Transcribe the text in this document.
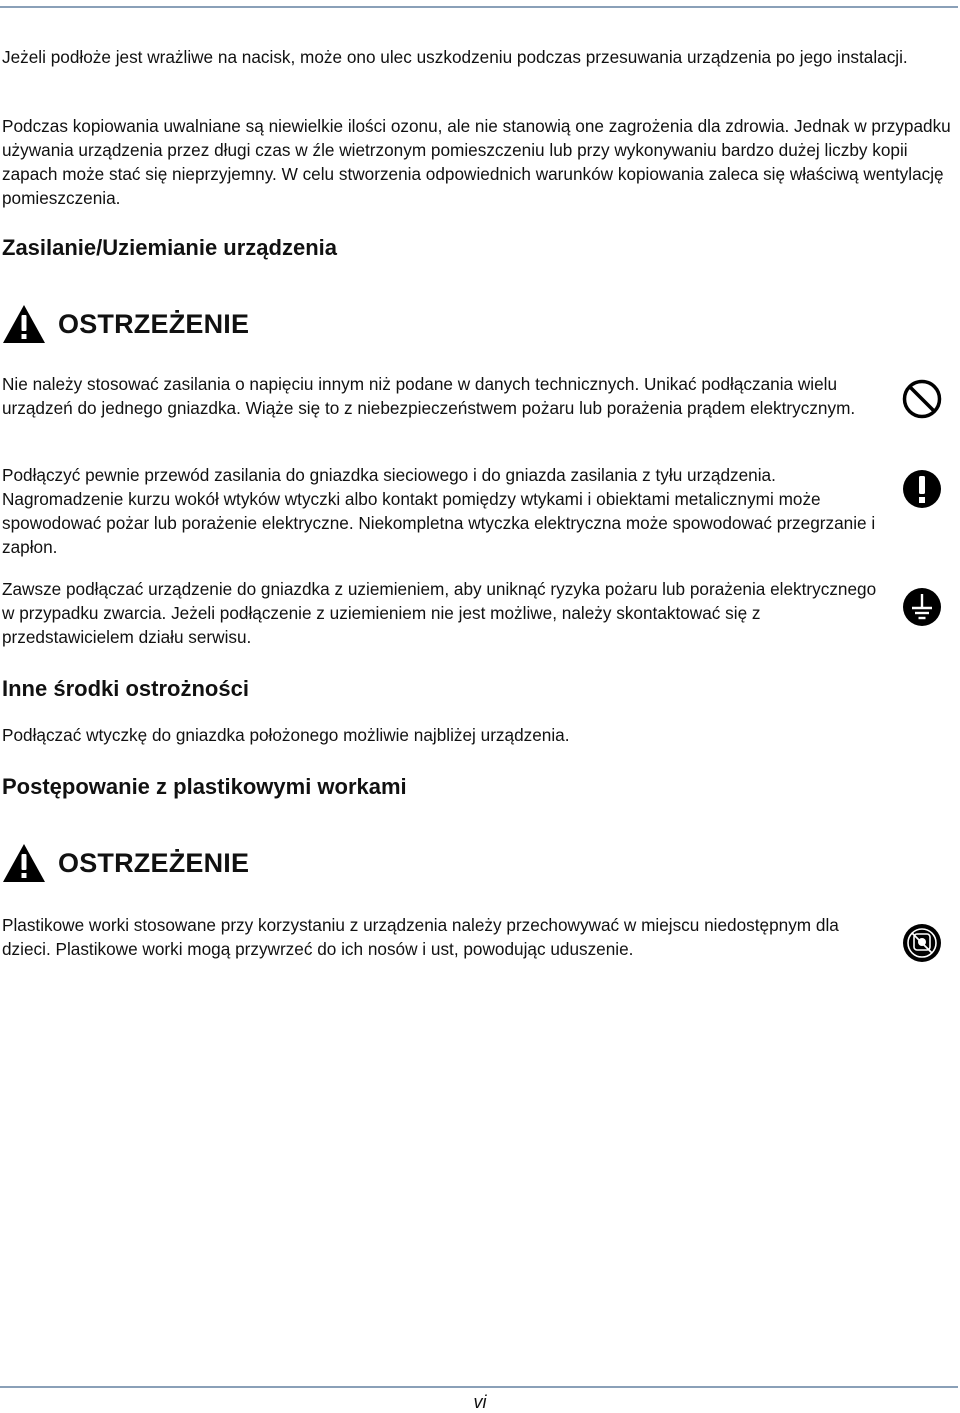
Jeżeli podłoże jest wrażliwe na nacisk, może ono ulec uszkodzeniu podczas przesuwania urządzenia po jego instalacji.

Podczas kopiowania uwalniane są niewielkie ilości ozonu, ale nie stanowią one zagrożenia dla zdrowia. Jednak w przypadku używania urządzenia przez długi czas w źle wietrzonym pomieszczeniu lub przy wykonywaniu bardzo dużej liczby kopii zapach może stać się nieprzyjemny. W celu stworzenia odpowiednich warunków kopiowania zaleca się właściwą wentylację pomieszczenia.

Zasilanie/Uziemianie urządzenia
OSTRZEŻENIE

Nie należy stosować zasilania o napięciu innym niż podane w danych technicznych. Unikać podłączania wielu urządzeń do jednego gniazdka. Wiąże się to z niebezpieczeństwem pożaru lub porażenia prądem elektrycznym.

Podłączyć pewnie przewód zasilania do gniazdka sieciowego i do gniazda zasilania z tyłu urządzenia. Nagromadzenie kurzu wokół wtyków wtyczki albo kontakt pomiędzy wtykami i obiektami metalicznymi może spowodować pożar lub porażenie elektryczne. Niekompletna wtyczka elektryczna może spowodować przegrzanie i zapłon.

Zawsze podłączać urządzenie do gniazdka z uziemieniem, aby uniknąć ryzyka pożaru lub porażenia elektrycznego w przypadku zwarcia. Jeżeli podłączenie z uziemieniem nie jest możliwe, należy skontaktować się z przedstawicielem działu serwisu.

Inne środki ostrożności

Podłączać wtyczkę do gniazdka położonego możliwie najbliżej urządzenia.

Postępowanie z plastikowymi workami
OSTRZEŻENIE

Plastikowe worki stosowane przy korzystaniu z urządzenia należy przechowywać w miejscu niedostępnym dla dzieci. Plastikowe worki mogą przywrzeć do ich nosów i ust, powodując uduszenie.

vi
